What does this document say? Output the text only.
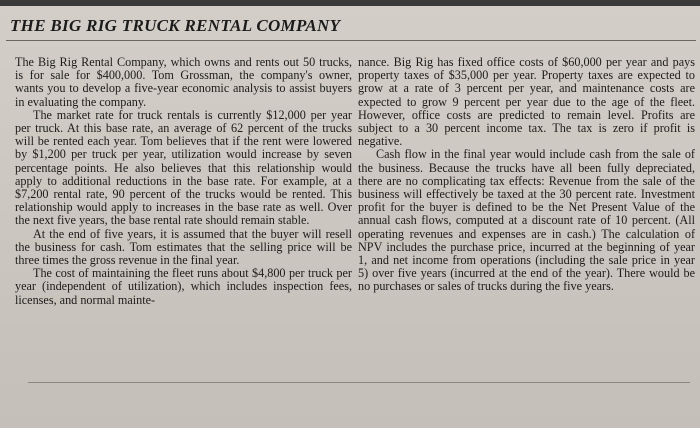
THE BIG RIG TRUCK RENTAL COMPANY

The Big Rig Rental Company, which owns and rents out 50 trucks, is for sale for $400,000. Tom Grossman, the company's owner, wants you to develop a five-year economic analysis to assist buyers in evaluating the company.

The market rate for truck rentals is currently $12,000 per year per truck. At this base rate, an average of 62 percent of the trucks will be rented each year. Tom believes that if the rent were lowered by $1,200 per truck per year, utilization would increase by seven percentage points. He also believes that this relationship would apply to additional reductions in the base rate. For example, at a $7,200 rental rate, 90 percent of the trucks would be rented. This relationship would apply to increases in the base rate as well. Over the next five years, the base rental rate should remain stable.

At the end of five years, it is assumed that the buyer will resell the business for cash. Tom estimates that the selling price will be three times the gross revenue in the final year.

The cost of maintaining the fleet runs about $4,800 per truck per year (independent of utilization), which includes inspection fees, licenses, and normal mainte-

nance. Big Rig has fixed office costs of $60,000 per year and pays property taxes of $35,000 per year. Property taxes are expected to grow at a rate of 3 percent per year, and maintenance costs are expected to grow 9 percent per year due to the age of the fleet. However, office costs are predicted to remain level. Profits are subject to a 30 percent income tax. The tax is zero if profit is negative.

Cash flow in the final year would include cash from the sale of the business. Because the trucks have all been fully depreciated, there are no complicating tax effects: Revenue from the sale of the business will effectively be taxed at the 30 percent rate. Investment profit for the buyer is defined to be the Net Present Value of the annual cash flows, computed at a discount rate of 10 percent. (All operating revenues and expenses are in cash.) The calculation of NPV includes the purchase price, incurred at the beginning of year 1, and net income from operations (including the sale price in year 5) over five years (incurred at the end of the year). There would be no purchases or sales of trucks during the five years.
